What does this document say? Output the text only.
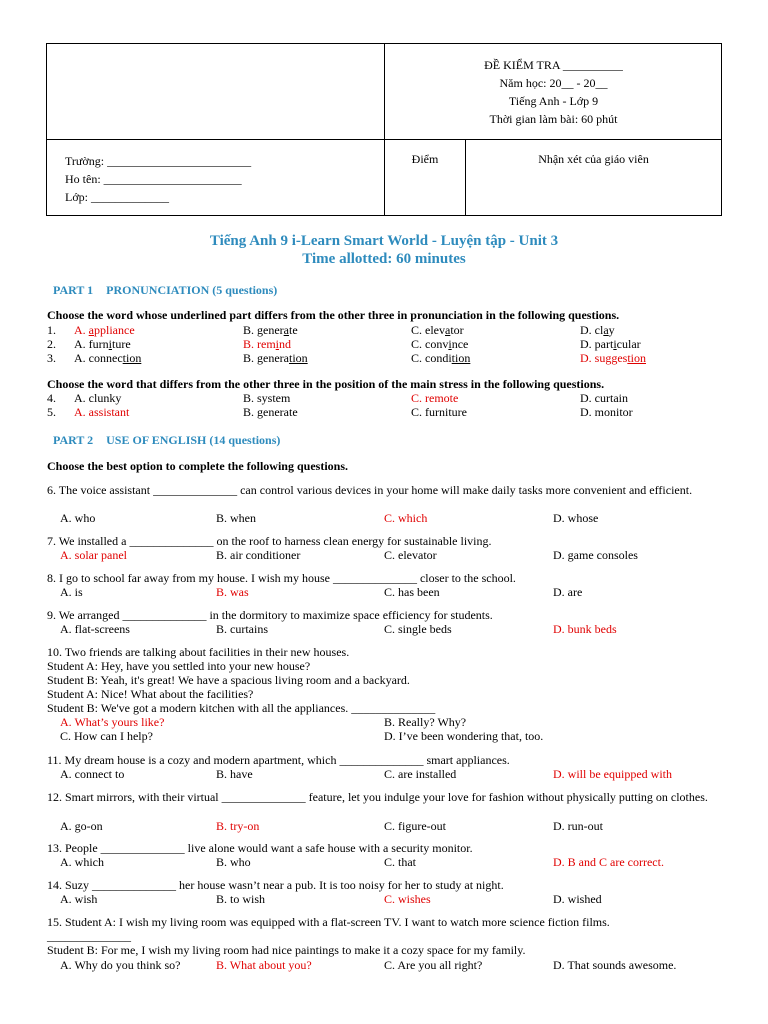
ĐỀ KIỂM TRA __________
Năm học: 20__ - 20__
Tiếng Anh - Lớp 9
Thời gian làm bài: 60 phút
Trường: ________________________
Ho tên: _______________________
Lớp: _____________
Điểm	Nhận xét của giáo viên
Tiếng Anh 9 i-Learn Smart World - Luyện tập - Unit 3
Time allotted: 60 minutes
PART 1 PRONUNCIATION (5 questions)
Choose the word whose underlined part differs from the other three in pronunciation in the following questions.
1. A. appliance	B. generate	C. elevator	D. clay
2. A. furniture	B. remind	C. convince	D. particular
3. A. connection	B. generation	C. condition	D. suggestion
Choose the word that differs from the other three in the position of the main stress in the following questions.
4. A. clunky	B. system	C. remote	D. curtain
5. A. assistant	B. generate	C. furniture	D. monitor
PART 2 USE OF ENGLISH (14 questions)
Choose the best option to complete the following questions.
6. The voice assistant ______________ can control various devices in your home will make daily tasks more convenient and efficient.
A. who	B. when	C. which	D. whose
7. We installed a ______________ on the roof to harness clean energy for sustainable living.
A. solar panel	B. air conditioner	C. elevator	D. game consoles
8. I go to school far away from my house. I wish my house ______________ closer to the school.
A. is	B. was	C. has been	D. are
9. We arranged ______________ in the dormitory to maximize space efficiency for students.
A. flat-screens	B. curtains	C. single beds	D. bunk beds
10. Two friends are talking about facilities in their new houses.
Student A: Hey, have you settled into your new house?
Student B: Yeah, it's great! We have a spacious living room and a backyard.
Student A: Nice! What about the facilities?
Student B: We've got a modern kitchen with all the appliances. ______________
A. What’s yours like?	B. Really? Why?
C. How can I help?	D. I’ve been wondering that, too.
11. My dream house is a cozy and modern apartment, which ______________ smart appliances.
A. connect to	B. have	C. are installed	D. will be equipped with
12. Smart mirrors, with their virtual ______________ feature, let you indulge your love for fashion without physically putting on clothes.
A. go-on	B. try-on	C. figure-out	D. run-out
13. People ______________ live alone would want a safe house with a security monitor.
A. which	B. who	C. that	D. B and C are correct.
14. Suzy ______________ her house wasn’t near a pub. It is too noisy for her to study at night.
A. wish	B. to wish	C. wishes	D. wished
15. Student A: I wish my living room was equipped with a flat-screen TV. I want to watch more science fiction films.
______________
Student B: For me, I wish my living room had nice paintings to make it a cozy space for my family.
A. Why do you think so?	B. What about you?	C. Are you all right?	D. That sounds awesome.
